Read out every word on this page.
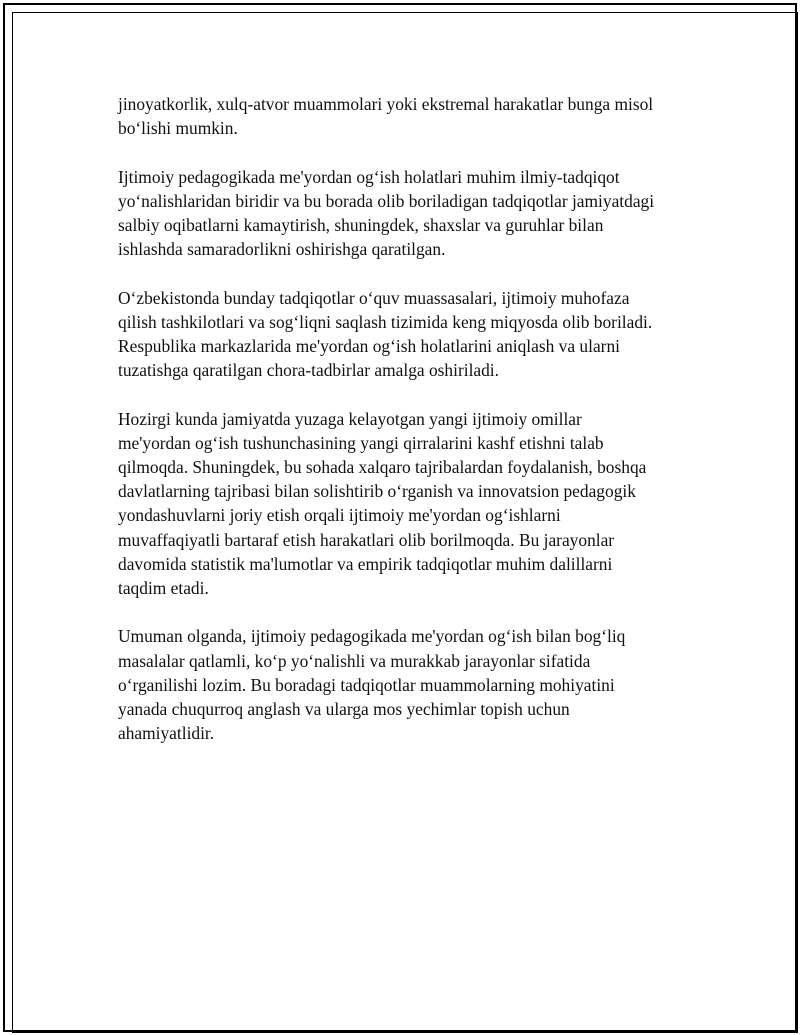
jinoyatkorlik, xulq-atvor muammolari yoki ekstremal harakatlar bunga misol
bo‘lishi mumkin.

Ijtimoiy pedagogikada me'yordan og‘ish holatlari muhim ilmiy-tadqiqot
yo‘nalishlaridan biridir va bu borada olib boriladigan tadqiqotlar jamiyatdagi
salbiy oqibatlarni kamaytirish, shuningdek, shaxslar va guruhlar bilan
ishlashda samaradorlikni oshirishga qaratilgan.

O‘zbekistonda bunday tadqiqotlar o‘quv muassasalari, ijtimoiy muhofaza
qilish tashkilotlari va sog‘liqni saqlash tizimida keng miqyosda olib boriladi.
Respublika markazlarida me'yordan og‘ish holatlarini aniqlash va ularni
tuzatishga qaratilgan chora-tadbirlar amalga oshiriladi.

Hozirgi kunda jamiyatda yuzaga kelayotgan yangi ijtimoiy omillar
me'yordan og‘ish tushunchasining yangi qirralarini kashf etishni talab
qilmoqda. Shuningdek, bu sohada xalqaro tajribalardan foydalanish, boshqa
davlatlarning tajribasi bilan solishtirib o‘rganish va innovatsion pedagogik
yondashuvlarni joriy etish orqali ijtimoiy me'yordan og‘ishlarni
muvaffaqiyatli bartaraf etish harakatlari olib borilmoqda. Bu jarayonlar
davomida statistik ma'lumotlar va empirik tadqiqotlar muhim dalillarni
taqdim etadi.

Umuman olganda, ijtimoiy pedagogikada me'yordan og‘ish bilan bog‘liq
masalalar qatlamli, ko‘p yo‘nalishli va murakkab jarayonlar sifatida
o‘rganilishi lozim. Bu boradagi tadqiqotlar muammolarning mohiyatini
yanada chuqurroq anglash va ularga mos yechimlar topish uchun
ahamiyatlidir.
